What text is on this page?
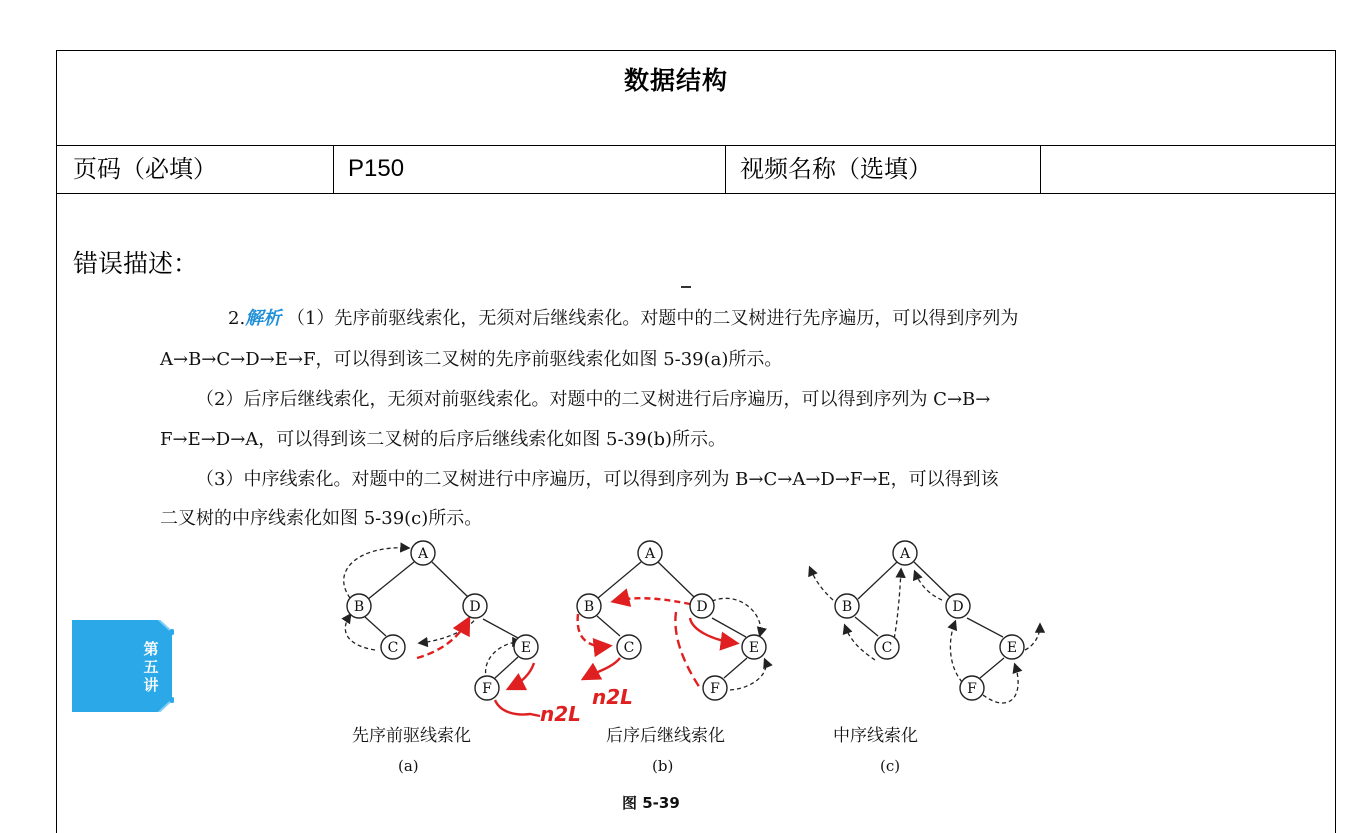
数据结构
页码（必填）	P150	视频名称（选填）
错误描述：
2.解析 （1）先序前驱线索化，无须对后继线索化。对题中的二叉树进行先序遍历，可以得到序列为
A→B→C→D→E→F，可以得到该二叉树的先序前驱线索化如图 5-39(a)所示。
（2）后序后继线索化，无须对前驱线索化。对题中的二叉树进行后序遍历，可以得到序列为 C→B→
F→E→D→A，可以得到该二叉树的后序后继线索化如图 5-39(b)所示。
（3）中序线索化。对题中的二叉树进行中序遍历，可以得到序列为 B→C→A→D→F→E，可以得到该
二叉树的中序线索化如图 5-39(c)所示。
第五讲
A
B	D
C	E
F
A
B	D
C	E
F
A
B	D
C	E
F
n2L
n2L
先序前驱线索化	后序后继线索化	中序线索化
(a)	(b)	(c)
图 5-39
